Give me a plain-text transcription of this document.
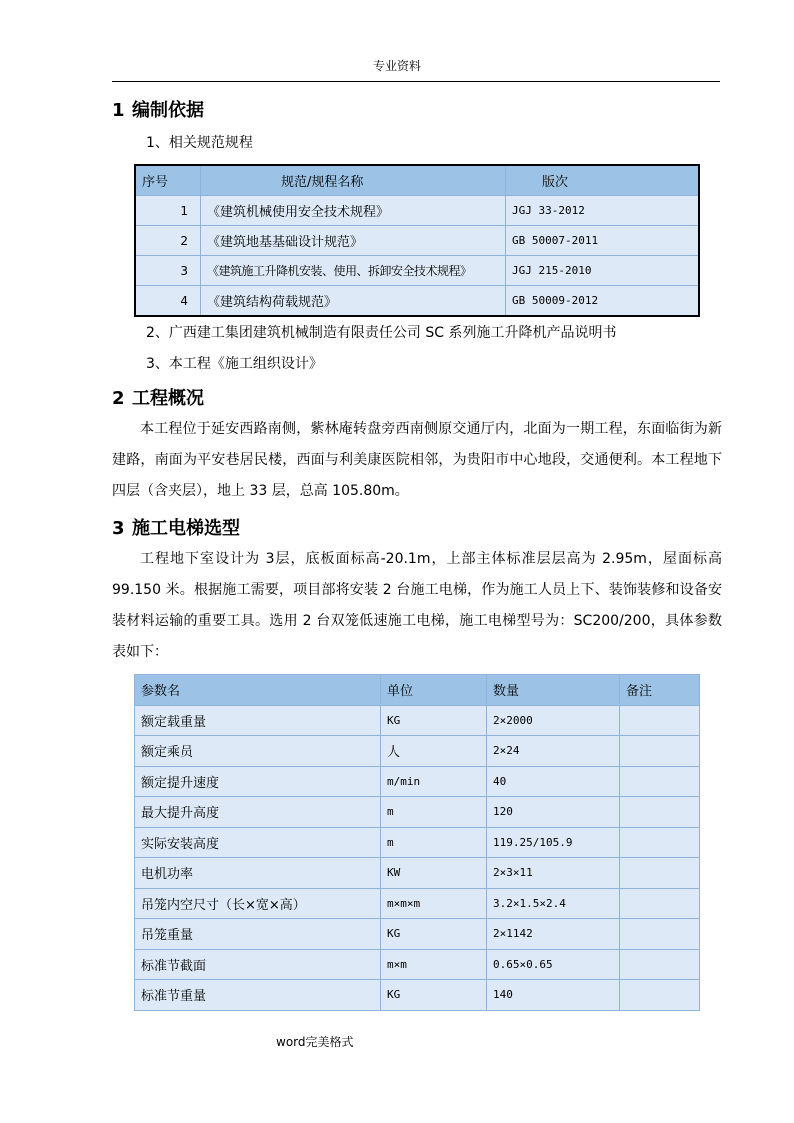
专业资料
1 编制依据
1、相关规范规程
序号	规范/规程名称	版次
1	《建筑机械使用安全技术规程》	JGJ 33-2012
2	《建筑地基基础设计规范》	GB 50007-2011
3	《建筑施工升降机安装、使用、拆卸安全技术规程》	JGJ 215-2010
4	《建筑结构荷载规范》	GB 50009-2012
2、广西建工集团建筑机械制造有限责任公司 SC 系列施工升降机产品说明书
3、本工程《施工组织设计》
2 工程概况
本工程位于延安西路南侧，紫林庵转盘旁西南侧原交通厅内，北面为一期工程，东面临街为新建路，南面为平安巷居民楼，西面与利美康医院相邻，为贵阳市中心地段，交通便利。本工程地下四层（含夹层），地上 33 层，总高 105.80m。
3 施工电梯选型
工程地下室设计为 3层，底板面标高-20.1m，上部主体标准层层高为 2.95m，屋面标高 99.150 米。根据施工需要，项目部将安装 2 台施工电梯，作为施工人员上下、装饰装修和设备安装材料运输的重要工具。选用 2 台双笼低速施工电梯，施工电梯型号为：SC200/200，具体参数表如下：
参数名	单位	数量	备注
额定载重量	KG	2×2000	
额定乘员	人	2×24	
额定提升速度	m/min	40	
最大提升高度	m	120	
实际安装高度	m	119.25/105.9	
电机功率	KW	2×3×11	
吊笼内空尺寸（长×宽×高）	m×m×m	3.2×1.5×2.4	
吊笼重量	KG	2×1142	
标准节截面	m×m	0.65×0.65	
标准节重量	KG	140	
word完美格式
